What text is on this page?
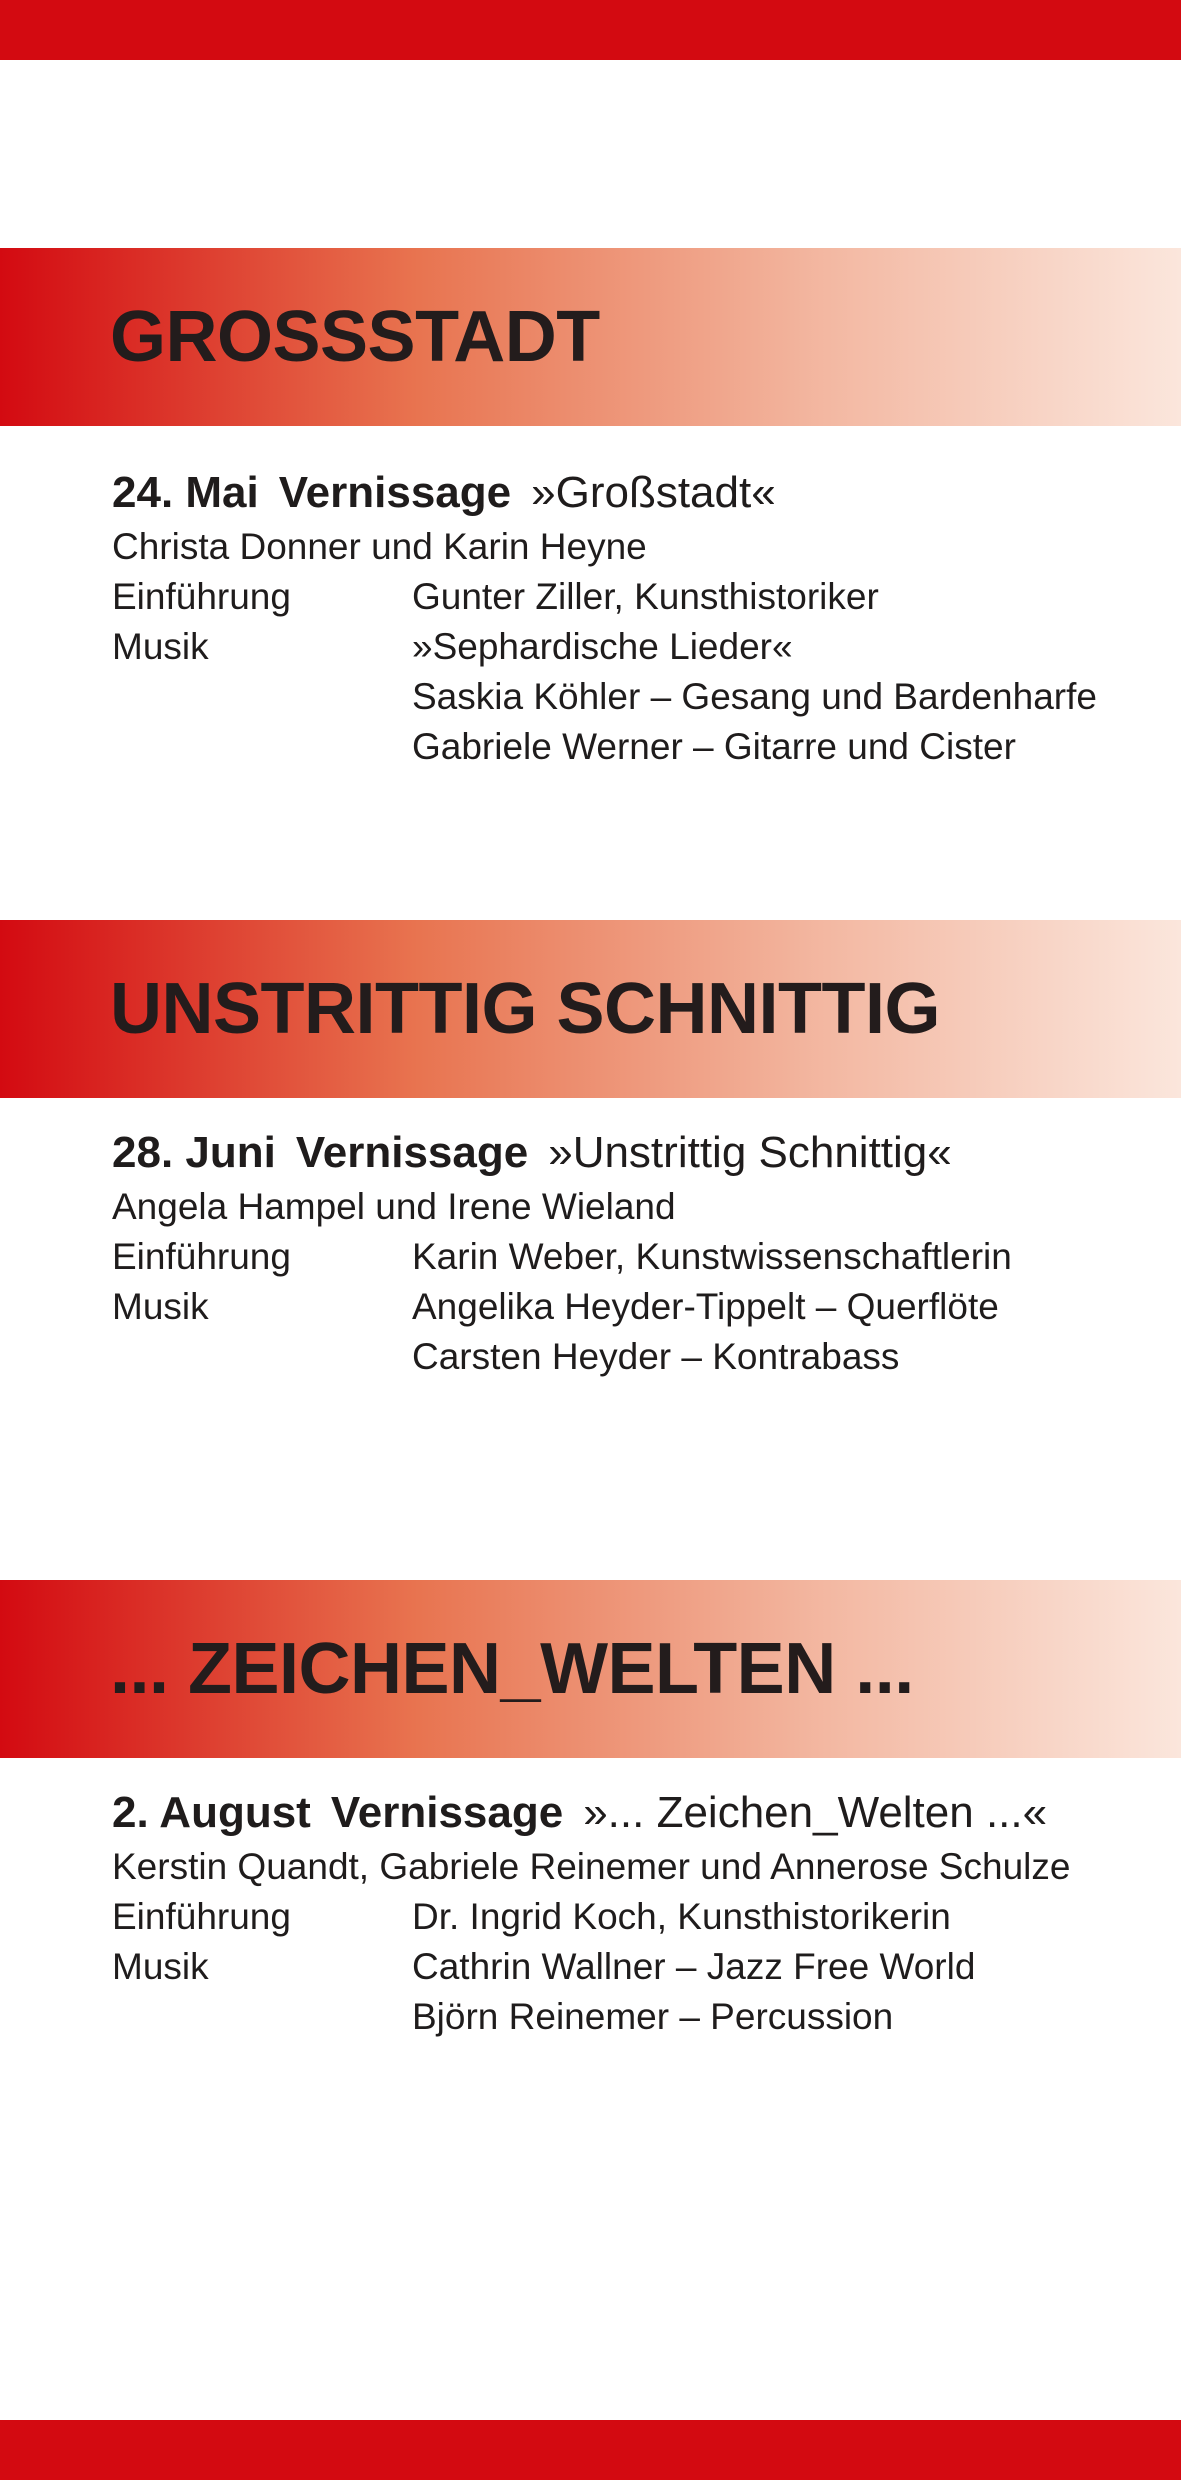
GROSSSTADT
24. Mai Vernissage »Großstadt«
Christa Donner und Karin Heyne
Einführung	Gunter Ziller, Kunsthistoriker
Musik	»Sephardische Lieder«
Saskia Köhler – Gesang und Bardenharfe
Gabriele Werner – Gitarre und Cister
UNSTRITTIG SCHNITTIG
28. Juni Vernissage »Unstrittig Schnittig«
Angela Hampel und Irene Wieland
Einführung	Karin Weber, Kunstwissenschaftlerin
Musik	Angelika Heyder-Tippelt – Querflöte
Carsten Heyder – Kontrabass
... ZEICHEN_WELTEN ...
2. August Vernissage »... Zeichen_Welten ...«
Kerstin Quandt, Gabriele Reinemer und Annerose Schulze
Einführung	Dr. Ingrid Koch, Kunsthistorikerin
Musik	Cathrin Wallner – Jazz Free World
Björn Reinemer – Percussion
